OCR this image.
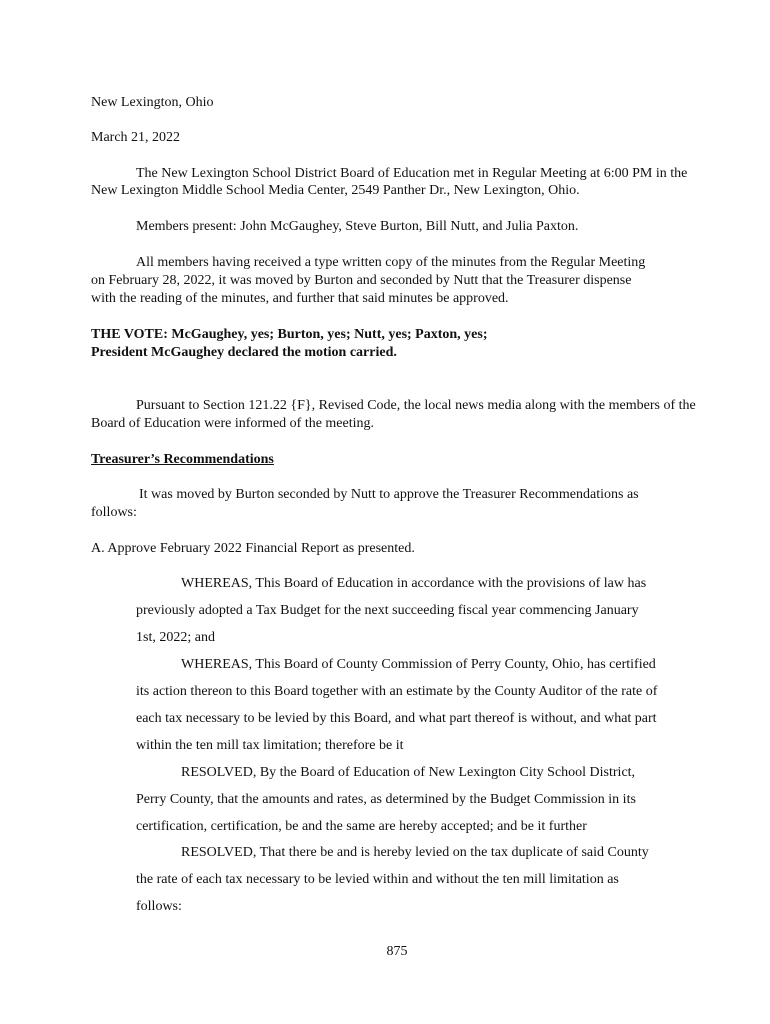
New Lexington, Ohio

March 21, 2022

The New Lexington School District Board of Education met in Regular Meeting at 6:00 PM in the

New Lexington Middle School Media Center, 2549 Panther Dr., New Lexington, Ohio.

Members present: John McGaughey, Steve Burton, Bill Nutt, and Julia Paxton.

All members having received a type written copy of the minutes from the Regular Meeting

on February 28, 2022, it was moved by Burton and seconded by Nutt that the Treasurer dispense

with the reading of the minutes, and further that said minutes be approved.

THE VOTE: McGaughey, yes; Burton, yes; Nutt, yes; Paxton, yes;

President McGaughey declared the motion carried.

Pursuant to Section 121.22 {F}, Revised Code, the local news media along with the members of the

Board of Education were informed of the meeting.

Treasurer’s Recommendations

It was moved by Burton seconded by Nutt to approve the Treasurer Recommendations as

follows:

A. Approve February 2022 Financial Report as presented.

WHEREAS, This Board of Education in accordance with the provisions of law has

previously adopted a Tax Budget for the next succeeding fiscal year commencing January

1st, 2022; and

WHEREAS, This Board of County Commission of Perry County, Ohio, has certified

its action thereon to this Board together with an estimate by the County Auditor of the rate of

each tax necessary to be levied by this Board, and what part thereof is without, and what part

within the ten mill tax limitation; therefore be it

RESOLVED, By the Board of Education of New Lexington City School District,

Perry County, that the amounts and rates, as determined by the Budget Commission in its

certification, certification, be and the same are hereby accepted; and be it further

RESOLVED, That there be and is hereby levied on the tax duplicate of said County

the rate of each tax necessary to be levied within and without the ten mill limitation as

follows:

875
